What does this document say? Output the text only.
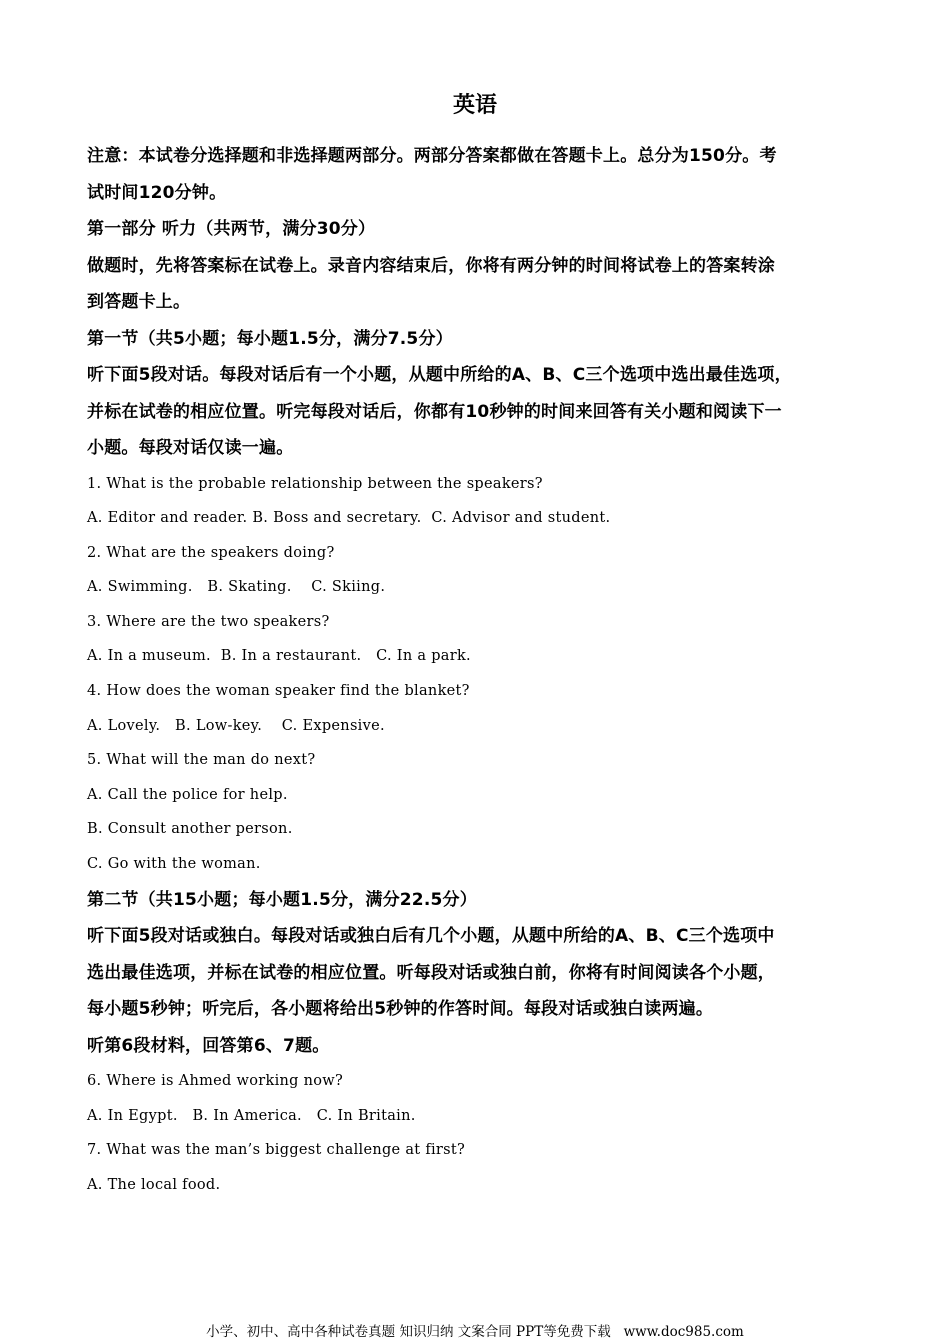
英语

注意：本试卷分选择题和非选择题两部分。两部分答案都做在答题卡上。总分为150分。考

试时间120分钟。

第一部分 听力（共两节，满分30分）

做题时，先将答案标在试卷上。录音内容结束后，你将有两分钟的时间将试卷上的答案转涂

到答题卡上。

第一节（共5小题；每小题1.5分，满分7.5分）

听下面5段对话。每段对话后有一个小题，从题中所给的A、B、C三个选项中选出最佳选项，

并标在试卷的相应位置。听完每段对话后，你都有10秒钟的时间来回答有关小题和阅读下一

小题。每段对话仅读一遍。

1. What is the probable relationship between the speakers?

A. Editor and reader. B. Boss and secretary.  C. Advisor and student.

2. What are the speakers doing?

A. Swimming.   B. Skating.    C. Skiing.

3. Where are the two speakers?

A. In a museum.  B. In a restaurant.   C. In a park.

4. How does the woman speaker find the blanket?

A. Lovely.   B. Low-key.    C. Expensive.

5. What will the man do next?

A. Call the police for help.

B. Consult another person.

C. Go with the woman.

第二节（共15小题；每小题1.5分，满分22.5分）

听下面5段对话或独白。每段对话或独白后有几个小题，从题中所给的A、B、C三个选项中

选出最佳选项，并标在试卷的相应位置。听每段对话或独白前，你将有时间阅读各个小题，

每小题5秒钟；听完后，各小题将给出5秒钟的作答时间。每段对话或独白读两遍。

听第6段材料，回答第6、7题。

6. Where is Ahmed working now?

A. In Egypt.   B. In America.   C. In Britain.

7. What was the man’s biggest challenge at first?

A. The local food.

小学、初中、高中各种试卷真题 知识归纳 文案合同 PPT等免费下载   www.doc985.com
